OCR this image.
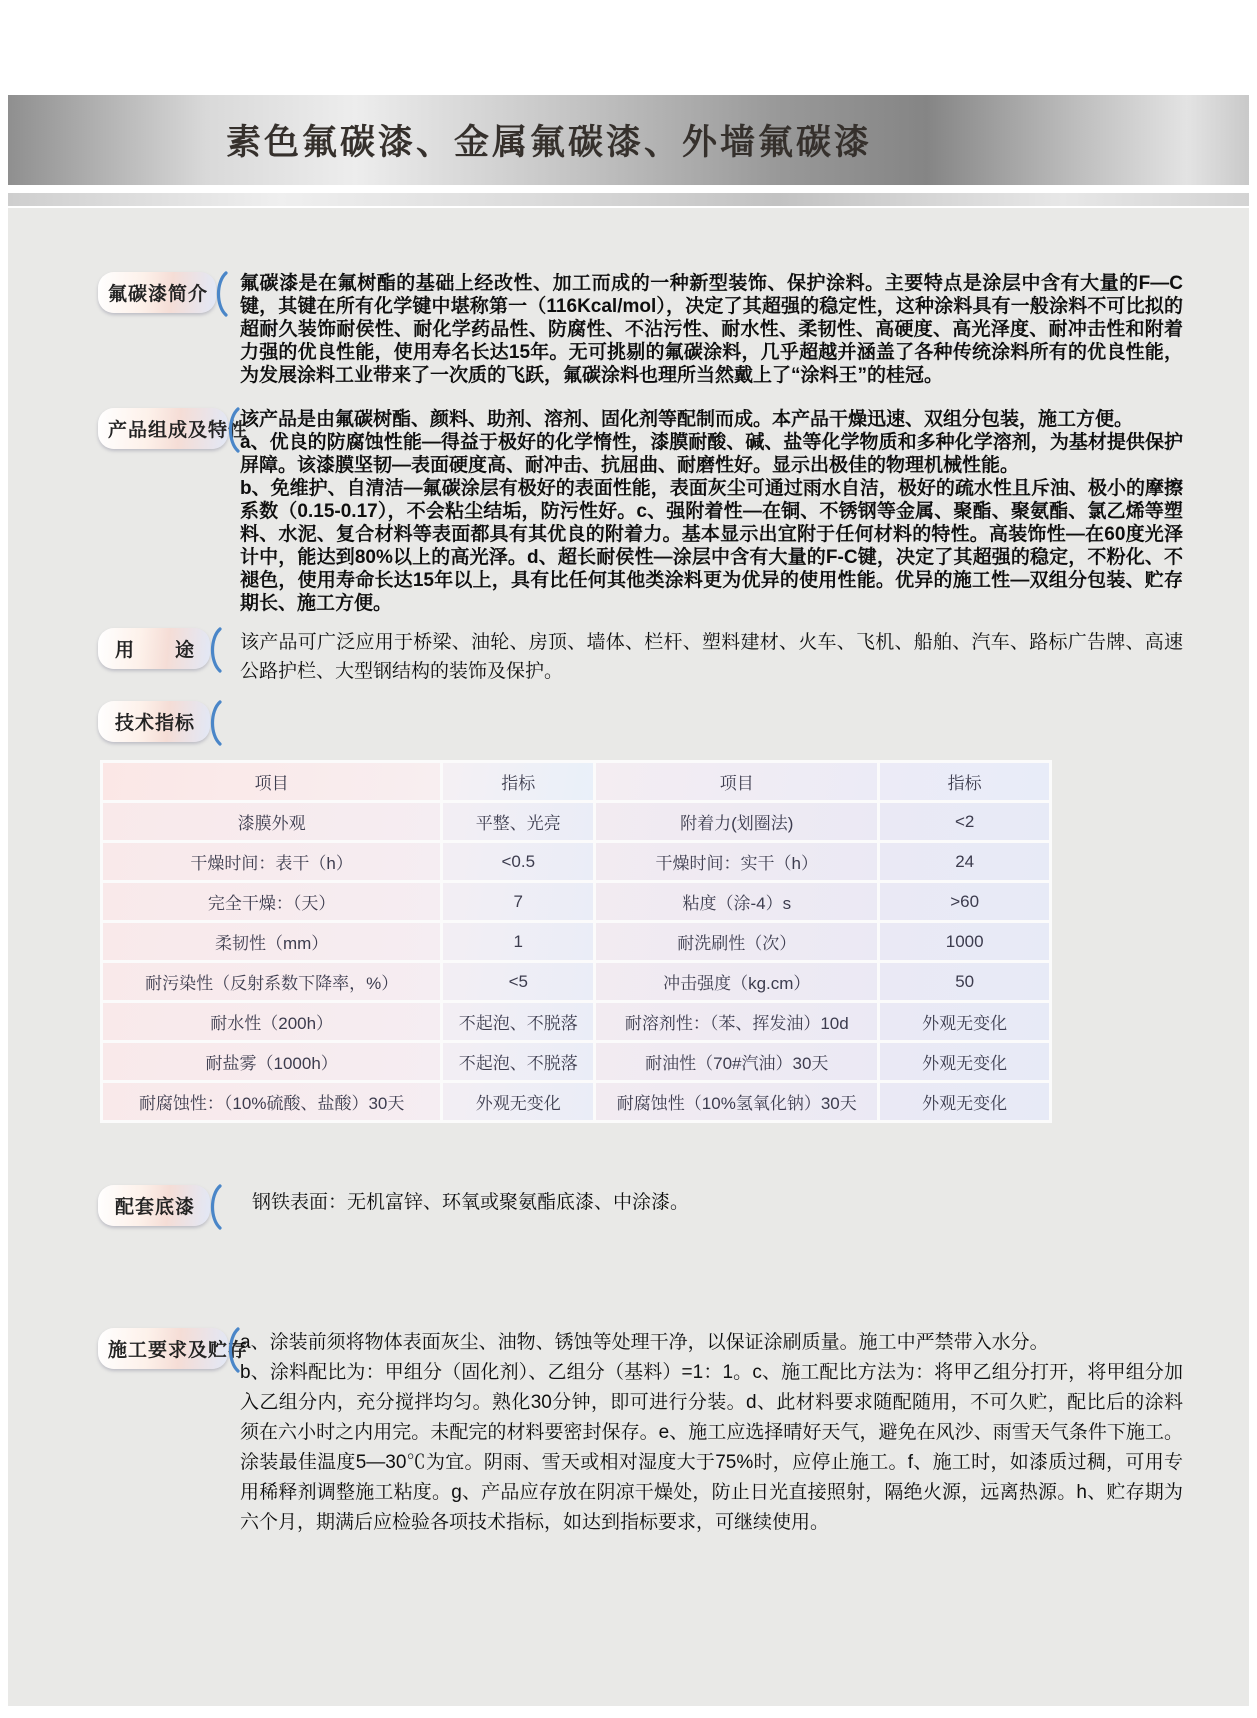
素色氟碳漆、金属氟碳漆、外墙氟碳漆
氟碳漆简介

氟碳漆是在氟树酯的基础上经改性、加工而成的一种新型装饰、保护涂料。主要特点是涂层中含有大量的F—C键，其键在所有化学键中堪称第一（116Kcal/mol），决定了其超强的稳定性，这种涂料具有一般涂料不可比拟的超耐久装饰耐侯性、耐化学药品性、防腐性、不沾污性、耐水性、柔韧性、高硬度、高光泽度、耐冲击性和附着力强的优良性能，使用寿名长达15年。无可挑剔的氟碳涂料，几乎超越并涵盖了各种传统涂料所有的优良性能，为发展涂料工业带来了一次质的飞跃，氟碳涂料也理所当然戴上了“涂料王”的桂冠。

产品组成及特性

该产品是由氟碳树酯、颜料、助剂、溶剂、固化剂等配制而成。本产品干燥迅速、双组分包装，施工方便。

a、优良的防腐蚀性能—得益于极好的化学惰性，漆膜耐酸、碱、盐等化学物质和多种化学溶剂，为基材提供保护屏障。该漆膜坚韧—表面硬度高、耐冲击、抗屈曲、耐磨性好。显示出极佳的物理机械性能。

b、免维护、自清洁—氟碳涂层有极好的表面性能，表面灰尘可通过雨水自洁，极好的疏水性且斥油、极小的摩擦系数（0.15-0.17），不会粘尘结垢，防污性好。c、强附着性—在铜、不锈钢等金属、聚酯、聚氨酯、氯乙烯等塑料、水泥、复合材料等表面都具有其优良的附着力。基本显示出宜附于任何材料的特性。高装饰性—在60度光泽计中，能达到80%以上的高光泽。d、超长耐侯性—涂层中含有大量的F-C键，决定了其超强的稳定，不粉化、不褪色，使用寿命长达15年以上，具有比任何其他类涂料更为优异的使用性能。优异的施工性—双组分包装、贮存期长、施工方便。

用　　途	该产品可广泛应用于桥梁、油轮、房顶、墙体、栏杆、塑料建材、火车、飞机、船舶、汽车、路标广告牌、高速公路护栏、大型钢结构的装饰及保护。

技术指标
项目	指标	项目	指标
漆膜外观	平整、光亮	附着力(划圈法)	<2
干燥时间：表干（h）	<0.5	干燥时间：实干（h）	24
完全干燥：（天）	7	粘度（涂-4）s	>60
柔韧性（mm）	1	耐洗刷性（次）	1000
耐污染性（反射系数下降率，%）	<5	冲击强度（kg.cm）	50
耐水性（200h）	不起泡、不脱落	耐溶剂性：（苯、挥发油）10d	外观无变化
耐盐雾（1000h）	不起泡、不脱落	耐油性（70#汽油）30天	外观无变化
耐腐蚀性：（10%硫酸、盐酸）30天	外观无变化	耐腐蚀性（10%氢氧化钠）30天	外观无变化
配套底漆	钢铁表面：无机富锌、环氧或聚氨酯底漆、中涂漆。

施工要求及贮存

a、涂装前须将物体表面灰尘、油物、锈蚀等处理干净，以保证涂刷质量。施工中严禁带入水分。

b、涂料配比为：甲组分（固化剂）、乙组分（基料）=1：1。c、施工配比方法为：将甲乙组分打开，将甲组分加入乙组分内，充分搅拌均匀。熟化30分钟，即可进行分装。d、此材料要求随配随用，不可久贮，配比后的涂料须在六小时之内用完。未配完的材料要密封保存。e、施工应选择晴好天气，避免在风沙、雨雪天气条件下施工。涂装最佳温度5—30℃为宜。阴雨、雪天或相对湿度大于75%时，应停止施工。f、施工时，如漆质过稠，可用专用稀释剂调整施工粘度。g、产品应存放在阴凉干燥处，防止日光直接照射，隔绝火源，远离热源。h、贮存期为六个月，期满后应检验各项技术指标，如达到指标要求，可继续使用。
